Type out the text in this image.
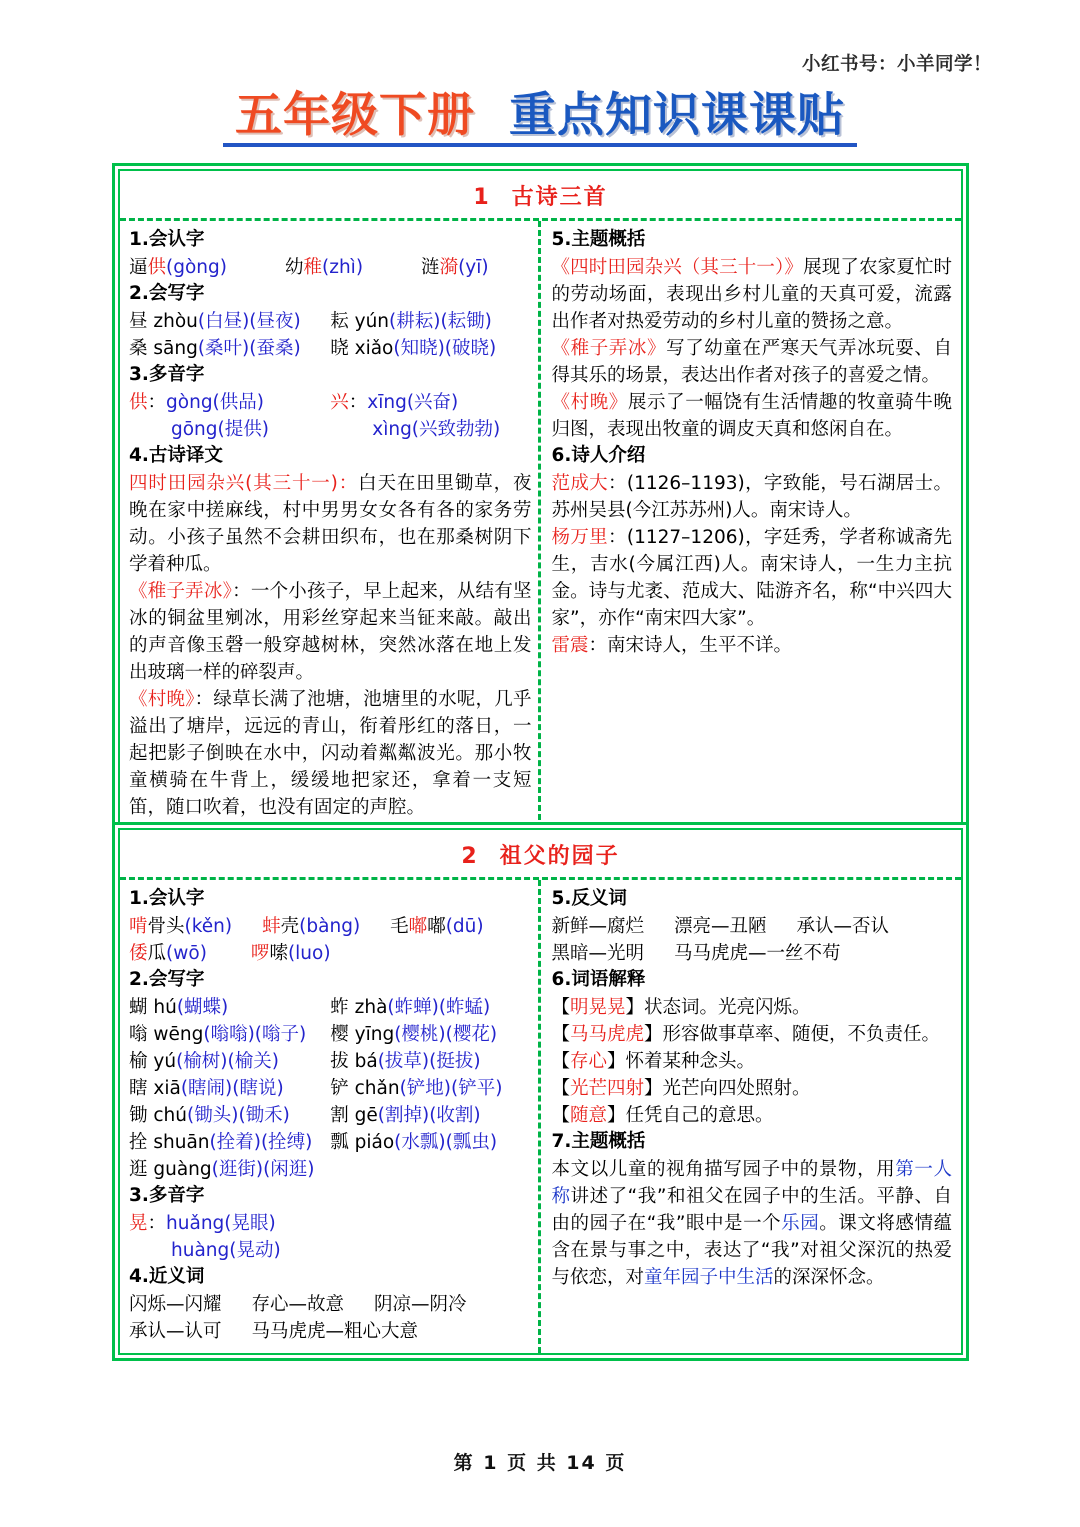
小红书号：小羊同学！
五年级下册 重点知识课课贴
1 古诗三首
1.会认字
逼供(gòng)	幼稚(zhì)	涟漪(yī)
2.会写字
昼 zhòu(白昼)(昼夜)	耘 yún(耕耘)(耘锄)
桑 sāng(桑叶)(蚕桑)	晓 xiǎo(知晓)(破晓)
3.多音字
供：gòng(供品)	兴：xīng(兴奋)
gōng(提供)	xìng(兴致勃勃)
4.古诗译文
四时田园杂兴(其三十一)：白天在田里锄草，夜晚在家中搓麻线，村中男男女女各有各的家务劳动。小孩子虽然不会耕田织布，也在那桑树阴下学着种瓜。
《稚子弄冰》：一个小孩子，早上起来，从结有坚冰的铜盆里剜冰，用彩丝穿起来当钲来敲。敲出的声音像玉磬一般穿越树林，突然冰落在地上发出玻璃一样的碎裂声。
《村晚》：绿草长满了池塘，池塘里的水呢，几乎溢出了塘岸，远远的青山，衔着彤红的落日，一起把影子倒映在水中，闪动着粼粼波光。那小牧童横骑在牛背上，缓缓地把家还，拿着一支短笛，随口吹着，也没有固定的声腔。
5.主题概括
《四时田园杂兴（其三十一）》展现了农家夏忙时的劳动场面，表现出乡村儿童的天真可爱，流露出作者对热爱劳动的乡村儿童的赞扬之意。
《稚子弄冰》写了幼童在严寒天气弄冰玩耍、自得其乐的场景，表达出作者对孩子的喜爱之情。
《村晚》展示了一幅饶有生活情趣的牧童骑牛晚归图，表现出牧童的调皮天真和悠闲自在。
6.诗人介绍
范成大：(1126–1193)，字致能，号石湖居士。苏州吴县(今江苏苏州)人。南宋诗人。
杨万里：(1127–1206)，字廷秀，学者称诚斋先生，吉水(今属江西)人。南宋诗人，一生力主抗金。诗与尤袤、范成大、陆游齐名，称“中兴四大家”，亦作“南宋四大家”。
雷震：南宋诗人，生平不详。
2 祖父的园子
1.会认字
啃骨头(kěn) 蚌壳(bàng) 毛嘟嘟(dū)
倭瓜(wō) 啰嗦(luo)
2.会写字
蝴 hú(蝴蝶)	蚱 zhà(蚱蝉)(蚱蜢)
嗡 wēng(嗡嗡)(嗡子)	樱 yīng(樱桃)(樱花)
榆 yú(榆树)(榆关)	拔 bá(拔草)(挺拔)
瞎 xiā(瞎闹)(瞎说)	铲 chǎn(铲地)(铲平)
锄 chú(锄头)(锄禾)	割 gē(割掉)(收割)
拴 shuān(拴着)(拴缚) 瓢 piáo(水瓢)(瓢虫)
逛 guàng(逛街)(闲逛)
3.多音字
晃：huǎng(晃眼)
huàng(晃动)
4.近义词
闪烁—闪耀 存心—故意 阴凉—阴冷
承认—认可 马马虎虎—粗心大意
5.反义词
新鲜—腐烂 漂亮—丑陋 承认—否认
黑暗—光明 马马虎虎—一丝不苟
6.词语解释
【明晃晃】状态词。光亮闪烁。
【马马虎虎】形容做事草率、随便，不负责任。
【存心】怀着某种念头。
【光芒四射】光芒向四处照射。
【随意】任凭自己的意思。
7.主题概括
本文以儿童的视角描写园子中的景物，用第一人称讲述了“我”和祖父在园子中的生活。平静、自由的园子在“我”眼中是一个乐园。课文将感情蕴含在景与事之中，表达了“我”对祖父深沉的热爱与依恋，对童年园子中生活的深深怀念。
第 1 页 共 14 页
